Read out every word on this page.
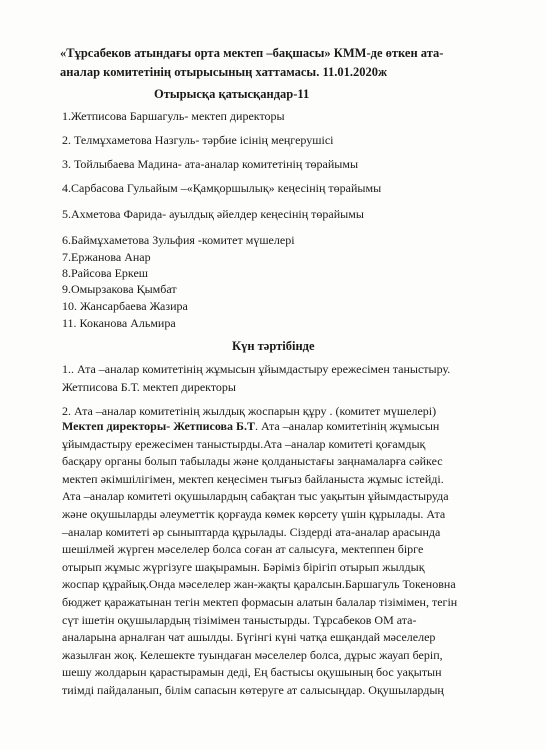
«Тұрсабеков атындағы орта мектеп –бақшасы» КММ-де өткен ата-
аналар комитетінің отырысының хаттамасы. 11.01.2020ж
Отырысқа қатысқандар-11
1.Жетписова Баршагуль- мектеп директоры
2. Телмұхаметова Назгуль- тәрбие ісінің меңгерушісі
3. Тойлыбаева Мадина- ата-аналар комитетінің төрайымы
4.Сарбасова Гульайым –«Қамқоршылық» кеңесінің төрайымы
5.Ахметова Фарида- ауылдық әйелдер кеңесінің төрайымы
6.Баймұхаметова Зульфия -комитет мүшелері
7.Ержанова Анар
8.Райсова Еркеш
9.Омырзакова Қымбат
10. Жансарбаева Жазира
11. Коканова Альмира
Күн тәртібінде
1.. Ата –аналар комитетінің жұмысын ұйымдастыру ережесімен таныстыру.
Жетписова Б.Т. мектеп директоры
2. Ата –аналар комитетінің жылдық жоспарын құру . (комитет мүшелері)
Мектеп директоры- Жетписова Б.Т. Ата –аналар комитетінің жұмысын
ұйымдастыру ережесімен таныстырды.Ата –аналар комитеті қоғамдық
басқару органы болып табылады және қолданыстағы заңнамаларға сәйкес
мектеп әкімшілігімен, мектеп кеңесімен тығыз байланыста жұмыс істейді.
Ата –аналар комитеті оқушылардың сабақтан тыс уақытын ұйымдастыруда
және оқушыларды әлеуметтік қорғауда көмек көрсету үшін құрылады. Ата
–аналар комитеті әр сыныптарда құрылады. Сіздерді ата-аналар арасында
шешілмей жүрген мәселелер болса соған ат салысуға, мектеппен бірге
отырып жұмыс жүргізуге шақырамын. Бәріміз бірігіп отырып жылдық
жоспар құрайық.Онда мәселелер жан-жақты қаралсын.Баршагуль Токеновна
бюджет қаражатынан тегін мектеп формасын алатын балалар тізімімен, тегін
сүт ішетін оқушылардың тізімімен таныстырды. Тұрсабеков ОМ ата-
аналарына арналған чат ашылды. Бүгінгі күні чатқа ешқандай мәселелер
жазылған жоқ. Келешекте туындаған мәселелер болса, дұрыс жауап беріп,
шешу жолдарын қарастырамын деді, Ең бастысы оқушының бос уақытын
тиімді пайдаланып, білім сапасын көтеруге ат салысыңдар. Оқушылардың
